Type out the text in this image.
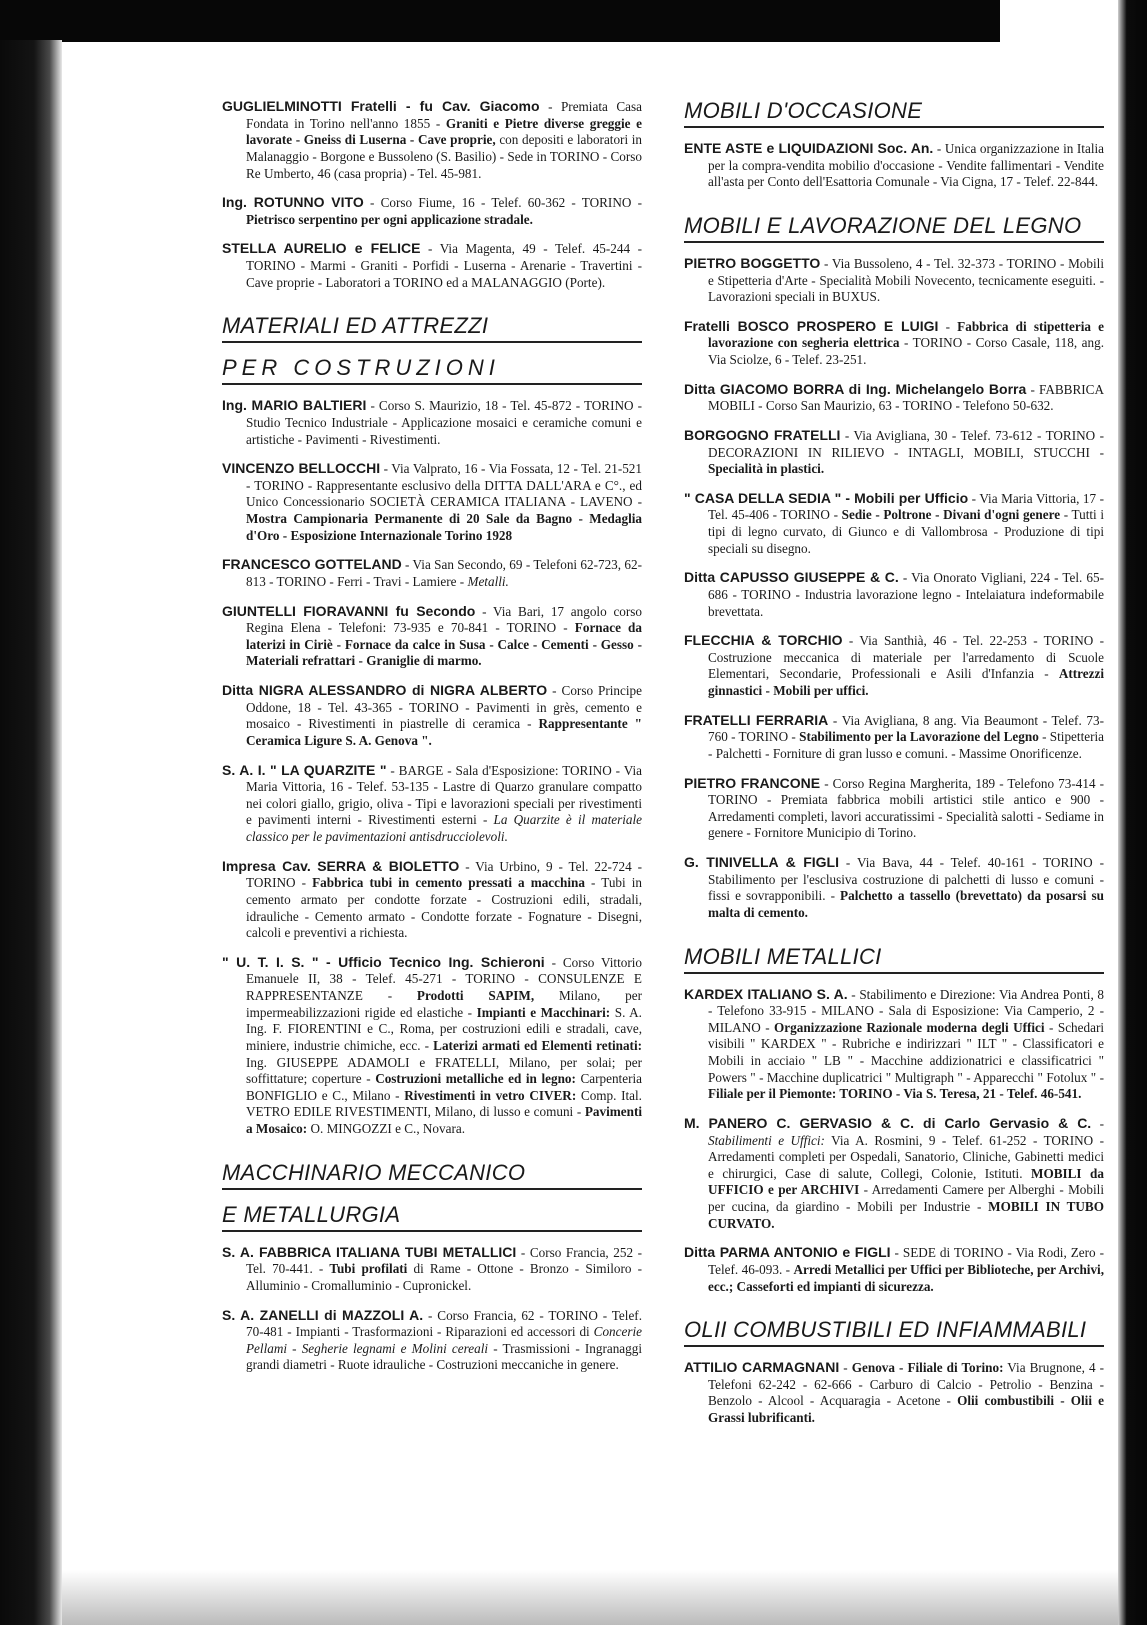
GUGLIELMINOTTI Fratelli - fu Cav. Giacomo - Premiata Casa Fondata in Torino nell'anno 1855 - Graniti e Pietre diverse greggie e lavorate - Gneiss di Luserna - Cave proprie, con depositi e laboratori in Malanaggio - Borgone e Bussoleno (S. Basilio) - Sede in TORINO - Corso Re Umberto, 46 (casa propria) - Tel. 45-981.

Ing. ROTUNNO VITO - Corso Fiume, 16 - Telef. 60-362 - TORINO - Pietrisco serpentino per ogni applicazione stradale.

STELLA AURELIO e FELICE - Via Magenta, 49 - Telef. 45-244 - TORINO - Marmi - Graniti - Porfidi - Luserna - Arenarie - Travertini - Cave proprie - Laboratori a TORINO ed a MALANAGGIO (Porte).

MATERIALI ED ATTREZZI
PER COSTRUZIONI

Ing. MARIO BALTIERI - Corso S. Maurizio, 18 - Tel. 45-872 - TORINO - Studio Tecnico Industriale - Applicazione mosaici e ceramiche comuni e artistiche - Pavimenti - Rivestimenti.

VINCENZO BELLOCCHI - Via Valprato, 16 - Via Fossata, 12 - Tel. 21-521 - TORINO - Rappresentante esclusivo della DITTA DALL'ARA e C°., ed Unico Concessionario SOCIETÀ CERAMICA ITALIANA - LAVENO - Mostra Campionaria Permanente di 20 Sale da Bagno - Medaglia d'Oro - Esposizione Internazionale Torino 1928

FRANCESCO GOTTELAND - Via San Secondo, 69 - Telefoni 62-723, 62-813 - TORINO - Ferri - Travi - Lamiere - Metalli.

GIUNTELLI FIORAVANNI fu Secondo - Via Bari, 17 angolo corso Regina Elena - Telefoni: 73-935 e 70-841 - TORINO - Fornace da laterizi in Ciriè - Fornace da calce in Susa - Calce - Cementi - Gesso - Materiali refrattari - Graniglie di marmo.

Ditta NIGRA ALESSANDRO di NIGRA ALBERTO - Corso Principe Oddone, 18 - Tel. 43-365 - TORINO - Pavimenti in grès, cemento e mosaico - Rivestimenti in piastrelle di ceramica - Rappresentante " Ceramica Ligure S. A. Genova ".

S. A. I. " LA QUARZITE " - BARGE - Sala d'Esposizione: TORINO - Via Maria Vittoria, 16 - Telef. 53-135 - Lastre di Quarzo granulare compatto nei colori giallo, grigio, oliva - Tipi e lavorazioni speciali per rivestimenti e pavimenti interni - Rivestimenti esterni - La Quarzite è il materiale classico per le pavimentazioni antisdrucciolevoli.

Impresa Cav. SERRA & BIOLETTO - Via Urbino, 9 - Tel. 22-724 - TORINO - Fabbrica tubi in cemento pressati a macchina - Tubi in cemento armato per condotte forzate - Costruzioni edili, stradali, idrauliche - Cemento armato - Condotte forzate - Fognature - Disegni, calcoli e preventivi a richiesta.

" U. T. I. S. " - Ufficio Tecnico Ing. Schieroni - Corso Vittorio Emanuele II, 38 - Telef. 45-271 - TORINO - CONSULENZE E RAPPRESENTANZE - Prodotti SAPIM, Milano, per impermeabilizzazioni rigide ed elastiche - Impianti e Macchinari: S. A. Ing. F. FIORENTINI e C., Roma, per costruzioni edili e stradali, cave, miniere, industrie chimiche, ecc. - Laterizi armati ed Elementi retinati: Ing. GIUSEPPE ADAMOLI e FRATELLI, Milano, per solai; per soffittature; coperture - Costruzioni metalliche ed in legno: Carpenteria BONFIGLIO e C., Milano - Rivestimenti in vetro CIVER: Comp. Ital. VETRO EDILE RIVESTIMENTI, Milano, di lusso e comuni - Pavimenti a Mosaico: O. MINGOZZI e C., Novara.

MACCHINARIO MECCANICO
E METALLURGIA

S. A. FABBRICA ITALIANA TUBI METALLICI - Corso Francia, 252 - Tel. 70-441. - Tubi profilati di Rame - Ottone - Bronzo - Similoro - Alluminio - Cromalluminio - Cupronickel.

S. A. ZANELLI di MAZZOLI A. - Corso Francia, 62 - TORINO - Telef. 70-481 - Impianti - Trasformazioni - Riparazioni ed accessori di Concerie Pellami - Segherie legnami e Molini cereali - Trasmissioni - Ingranaggi grandi diametri - Ruote idrauliche - Costruzioni meccaniche in genere.

MOBILI D'OCCASIONE

ENTE ASTE e LIQUIDAZIONI Soc. An. - Unica organizzazione in Italia per la compra-vendita mobilio d'occasione - Vendite fallimentari - Vendite all'asta per Conto dell'Esattoria Comunale - Via Cigna, 17 - Telef. 22-844.

MOBILI E LAVORAZIONE DEL LEGNO

PIETRO BOGGETTO - Via Bussoleno, 4 - Tel. 32-373 - TORINO - Mobili e Stipetteria d'Arte - Specialità Mobili Novecento, tecnicamente eseguiti. - Lavorazioni speciali in BUXUS.

Fratelli BOSCO PROSPERO E LUIGI - Fabbrica di stipetteria e lavorazione con segheria elettrica - TORINO - Corso Casale, 118, ang. Via Sciolze, 6 - Telef. 23-251.

Ditta GIACOMO BORRA di Ing. Michelangelo Borra - FABBRICA MOBILI - Corso San Maurizio, 63 - TORINO - Telefono 50-632.

BORGOGNO FRATELLI - Via Avigliana, 30 - Telef. 73-612 - TORINO - DECORAZIONI IN RILIEVO - INTAGLI, MOBILI, STUCCHI - Specialità in plastici.

" CASA DELLA SEDIA " - Mobili per Ufficio - Via Maria Vittoria, 17 - Tel. 45-406 - TORINO - Sedie - Poltrone - Divani d'ogni genere - Tutti i tipi di legno curvato, di Giunco e di Vallombrosa - Produzione di tipi speciali su disegno.

Ditta CAPUSSO GIUSEPPE & C. - Via Onorato Vigliani, 224 - Tel. 65-686 - TORINO - Industria lavorazione legno - Intelaiatura indeformabile brevettata.

FLECCHIA & TORCHIO - Via Santhià, 46 - Tel. 22-253 - TORINO - Costruzione meccanica di materiale per l'arredamento di Scuole Elementari, Secondarie, Professionali e Asili d'Infanzia - Attrezzi ginnastici - Mobili per uffici.

FRATELLI FERRARIA - Via Avigliana, 8 ang. Via Beaumont - Telef. 73-760 - TORINO - Stabilimento per la Lavorazione del Legno - Stipetteria - Palchetti - Forniture di gran lusso e comuni. - Massime Onorificenze.

PIETRO FRANCONE - Corso Regina Margherita, 189 - Telefono 73-414 - TORINO - Premiata fabbrica mobili artistici stile antico e 900 - Arredamenti completi, lavori accuratissimi - Specialità salotti - Sediame in genere - Fornitore Municipio di Torino.

G. TINIVELLA & FIGLI - Via Bava, 44 - Telef. 40-161 - TORINO - Stabilimento per l'esclusiva costruzione di palchetti di lusso e comuni - fissi e sovrapponibili. - Palchetto a tassello (brevettato) da posarsi su malta di cemento.

MOBILI METALLICI

KARDEX ITALIANO S. A. - Stabilimento e Direzione: Via Andrea Ponti, 8 - Telefono 33-915 - MILANO - Sala di Esposizione: Via Camperio, 2 - MILANO - Organizzazione Razionale moderna degli Uffici - Schedari visibili " KARDEX " - Rubriche e indirizzari " ILT " - Classificatori e Mobili in acciaio " LB " - Macchine addizionatrici e classificatrici " Powers " - Macchine duplicatrici " Multigraph " - Apparecchi " Fotolux " - Filiale per il Piemonte: TORINO - Via S. Teresa, 21 - Telef. 46-541.

M. PANERO C. GERVASIO & C. di Carlo Gervasio & C. - Stabilimenti e Uffici: Via A. Rosmini, 9 - Telef. 61-252 - TORINO - Arredamenti completi per Ospedali, Sanatorio, Cliniche, Gabinetti medici e chirurgici, Case di salute, Collegi, Colonie, Istituti. MOBILI da UFFICIO e per ARCHIVI - Arredamenti Camere per Alberghi - Mobili per cucina, da giardino - Mobili per Industrie - MOBILI IN TUBO CURVATO.

Ditta PARMA ANTONIO e FIGLI - SEDE di TORINO - Via Rodi, Zero - Telef. 46-093. - Arredi Metallici per Uffici per Biblioteche, per Archivi, ecc.; Casseforti ed impianti di sicurezza.

OLII COMBUSTIBILI ED INFIAMMABILI

ATTILIO CARMAGNANI - Genova - Filiale di Torino: Via Brugnone, 4 - Telefoni 62-242 - 62-666 - Carburo di Calcio - Petrolio - Benzina - Benzolo - Alcool - Acquaragia - Acetone - Olii combustibili - Olii e Grassi lubrificanti.
